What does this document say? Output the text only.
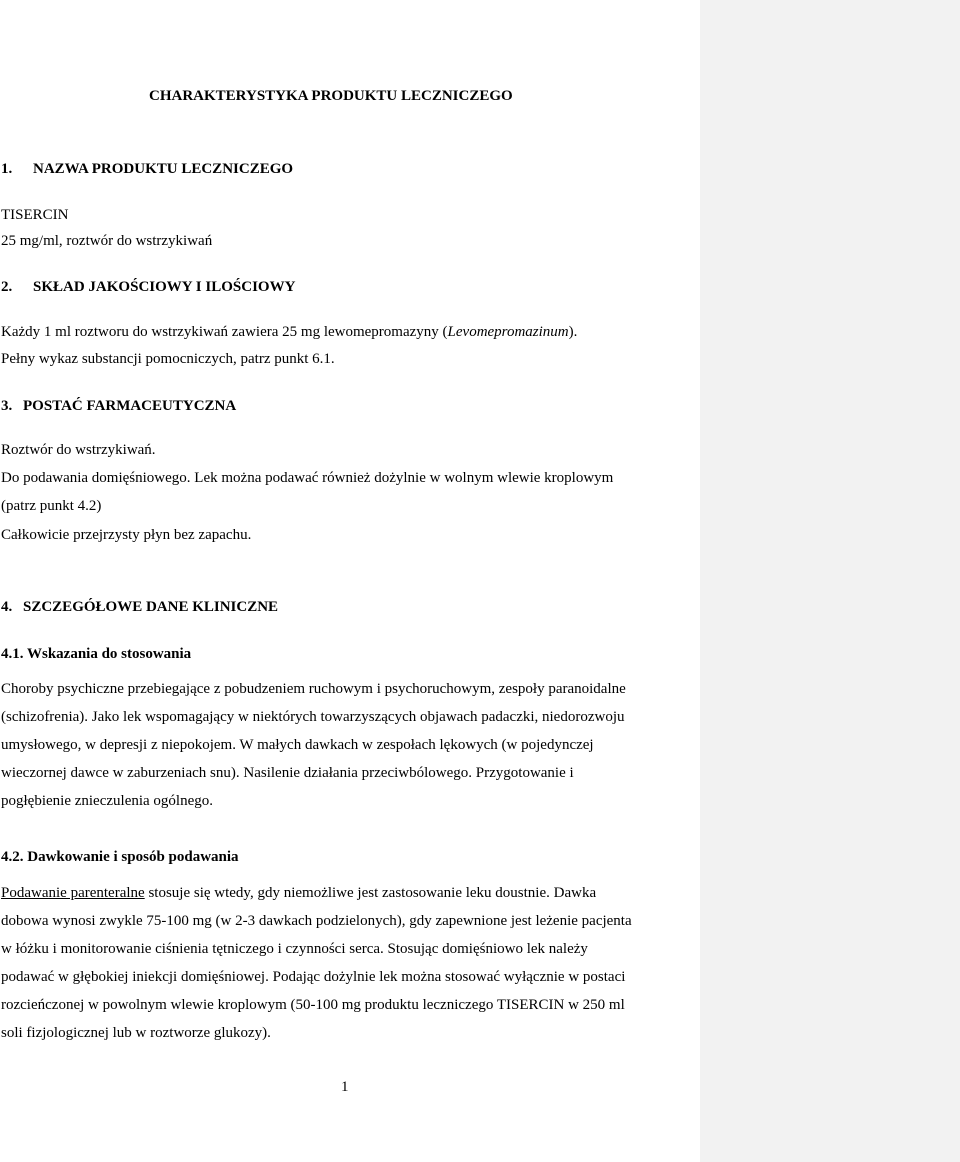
CHARAKTERYSTYKA PRODUKTU LECZNICZEGO
1. NAZWA PRODUKTU LECZNICZEGO
TISERCIN
25 mg/ml, roztwór do wstrzykiwań
2. SKŁAD JAKOŚCIOWY I ILOŚCIOWY
Każdy 1 ml roztworu do wstrzykiwań zawiera 25 mg lewomepromazyny (Levomepromazinum).
Pełny wykaz substancji pomocniczych, patrz punkt 6.1.
3. POSTAĆ FARMACEUTYCZNA
Roztwór do wstrzykiwań.
Do podawania domięśniowego. Lek można podawać również dożylnie w wolnym wlewie kroplowym
(patrz punkt 4.2)
Całkowicie przejrzysty płyn bez zapachu.
4. SZCZEGÓŁOWE DANE KLINICZNE
4.1. Wskazania do stosowania
Choroby psychiczne przebiegające z pobudzeniem ruchowym i psychoruchowym, zespoły paranoidalne
(schizofrenia). Jako lek wspomagający w niektórych towarzyszących objawach padaczki, niedorozwoju
umysłowego, w depresji z niepokojem. W małych dawkach w zespołach lękowych (w pojedynczej
wieczornej dawce w zaburzeniach snu). Nasilenie działania przeciwbólowego. Przygotowanie i
pogłębienie znieczulenia ogólnego.
4.2. Dawkowanie i sposób podawania
Podawanie parenteralne stosuje się wtedy, gdy niemożliwe jest zastosowanie leku doustnie. Dawka
dobowa wynosi zwykle 75-100 mg (w 2-3 dawkach podzielonych), gdy zapewnione jest leżenie pacjenta
w łóżku i monitorowanie ciśnienia tętniczego i czynności serca. Stosując domięśniowo lek należy
podawać w głębokiej iniekcji domięśniowej. Podając dożylnie lek można stosować wyłącznie w postaci
rozcieńczonej w powolnym wlewie kroplowym (50-100 mg produktu leczniczego TISERCIN w 250 ml
soli fizjologicznej lub w roztworze glukozy).
1
